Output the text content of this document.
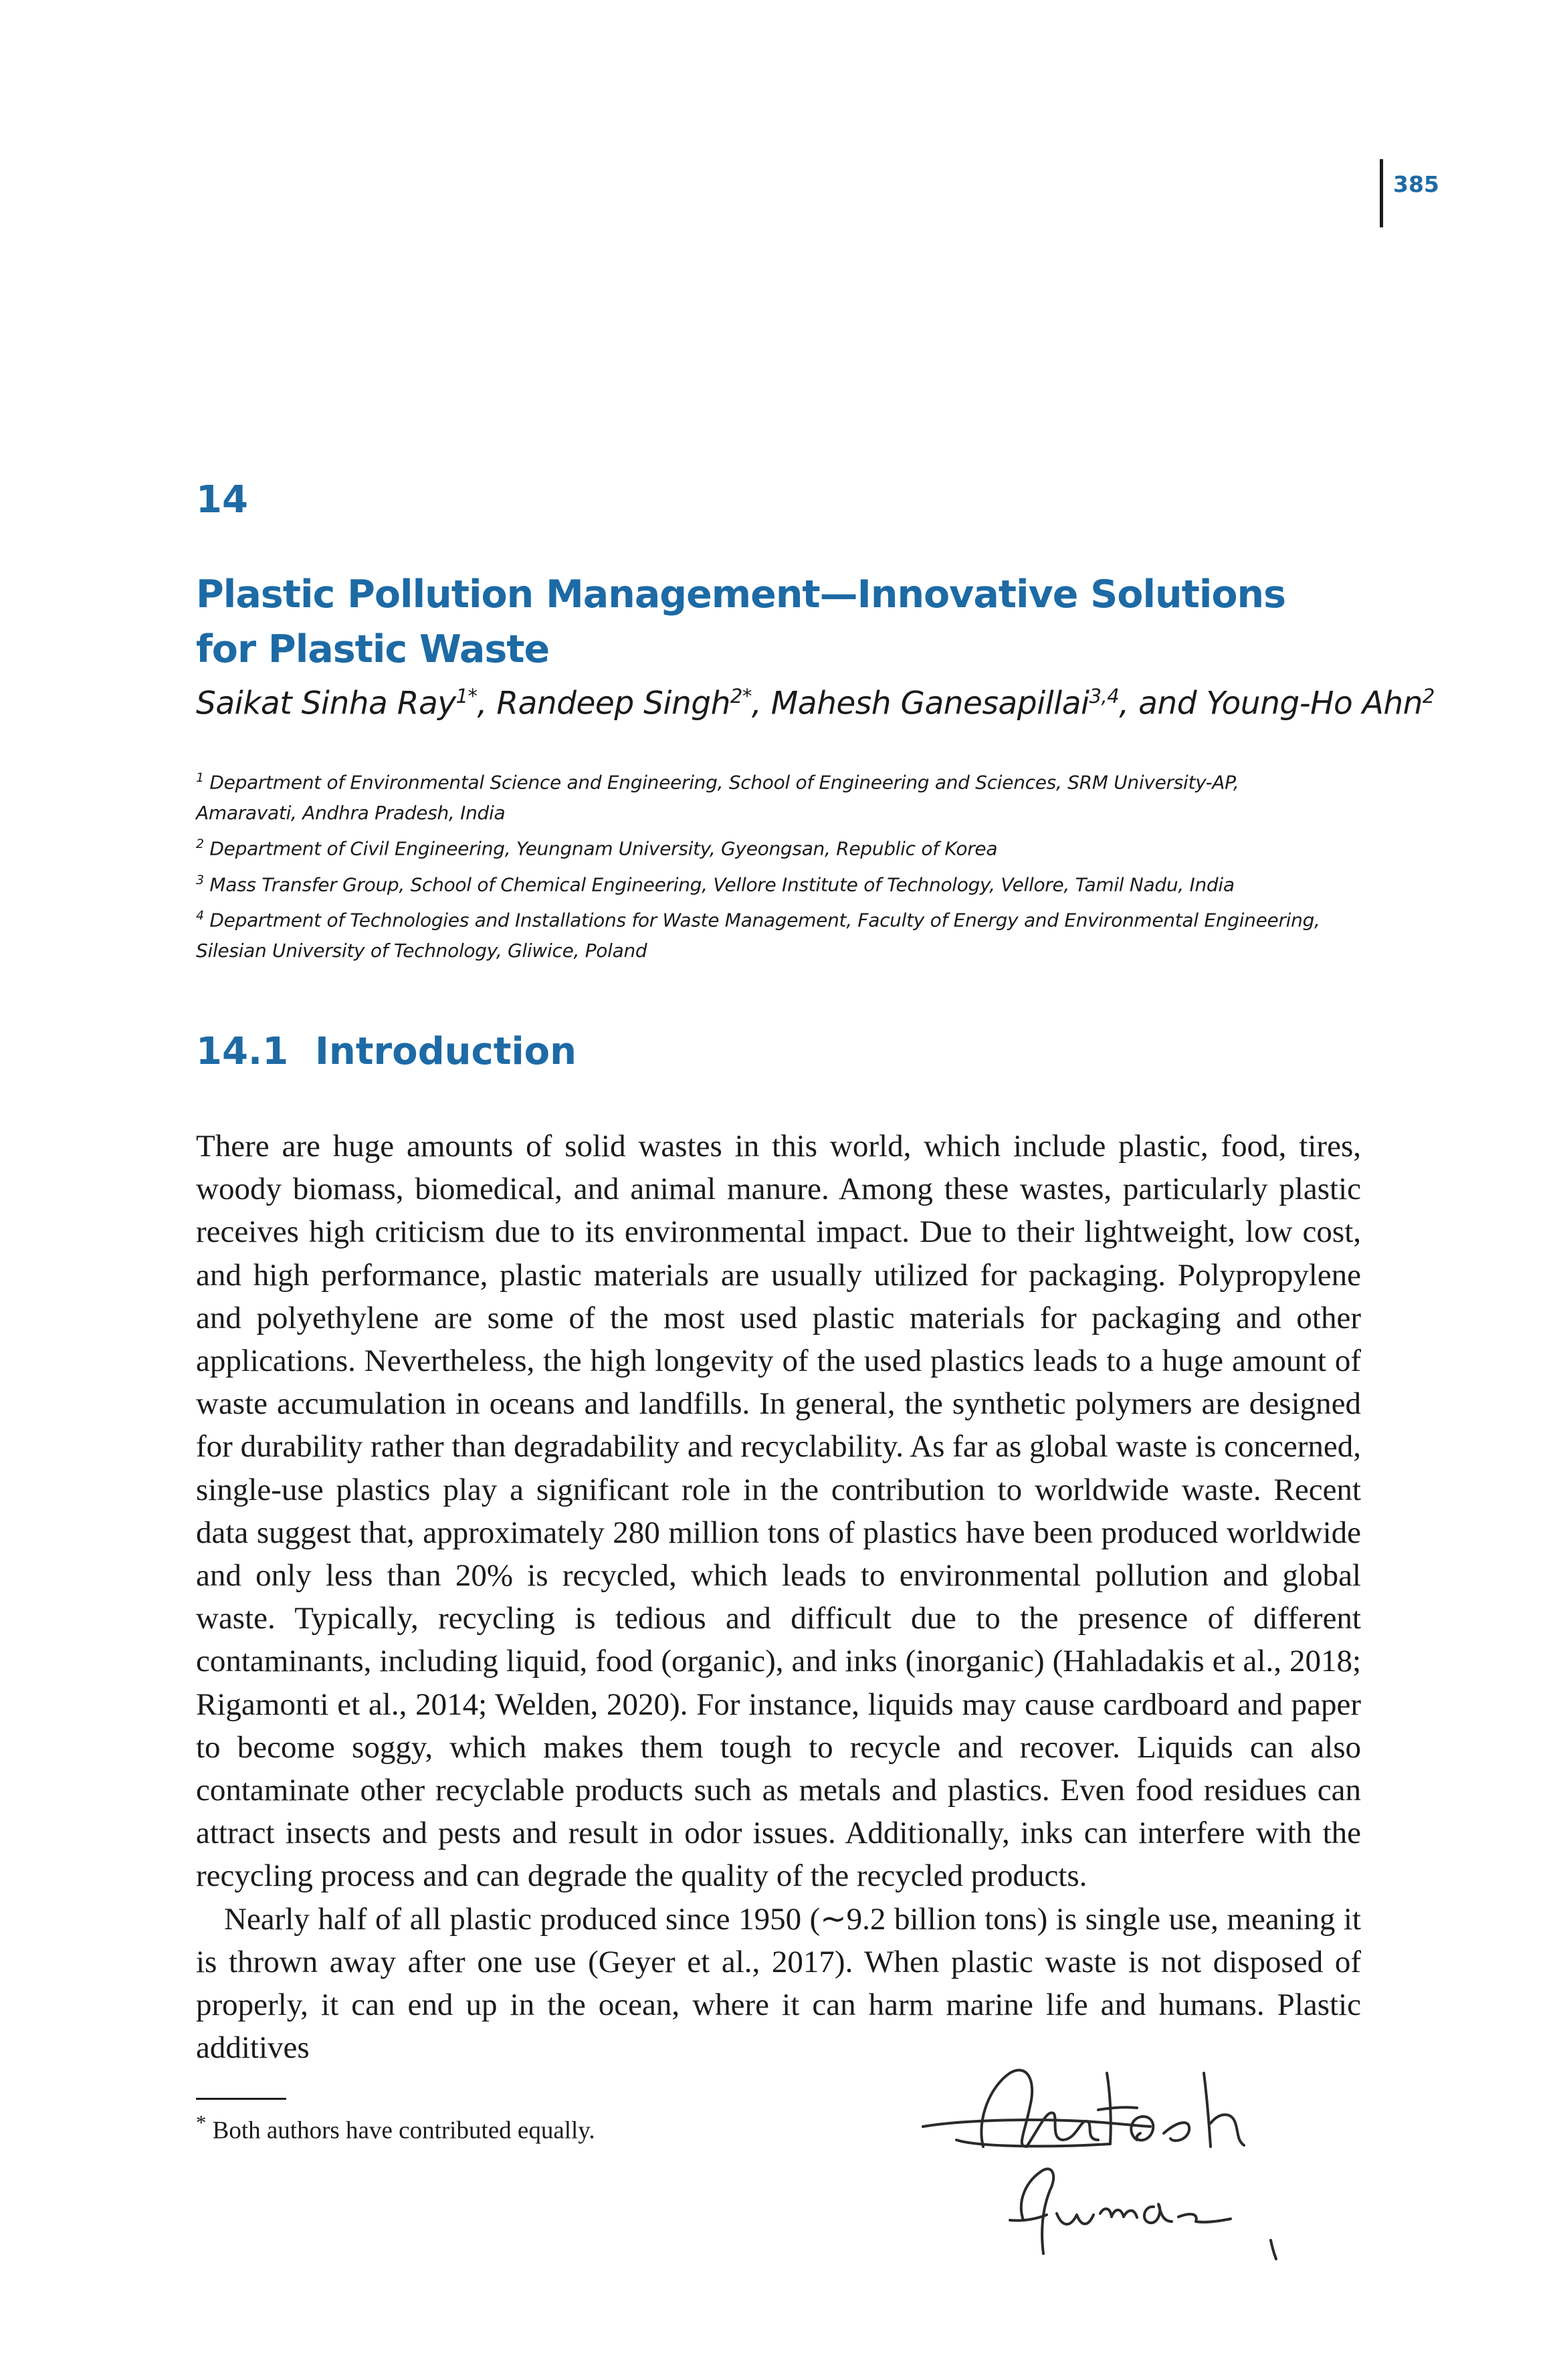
385
14
Plastic Pollution Management—Innovative Solutions
for Plastic Waste
Saikat Sinha Ray$^{1*}$, Randeep Singh$^{2*}$, Mahesh Ganesapillai$^{3,4}$, and Young-Ho Ahn$^2$

$^1$ Department of Environmental Science and Engineering, School of Engineering and Sciences, SRM University-AP,

Amaravati, Andhra Pradesh, India

$^2$ Department of Civil Engineering, Yeungnam University, Gyeongsan, Republic of Korea

$^3$ Mass Transfer Group, School of Chemical Engineering, Vellore Institute of Technology, Vellore, Tamil Nadu, India

$^4$ Department of Technologies and Installations for Waste Management, Faculty of Energy and Environmental Engineering,

Silesian University of Technology, Gliwice, Poland

14.1 Introduction

There are huge amounts of solid wastes in this world, which include plastic, food, tires, woody biomass, biomedical, and animal manure. Among these wastes, particularly plastic receives high criticism due to its environmental impact. Due to their lightweight, low cost, and high performance, plastic materials are usually utilized for packaging. Polypropylene and polyethylene are some of the most used plastic materials for packaging and other applications. Nevertheless, the high longevity of the used plastics leads to a huge amount of waste accumulation in oceans and landfills. In general, the synthetic polymers are designed for durability rather than degradability and recyclability. As far as global waste is concerned, single-use plastics play a significant role in the contribution to worldwide waste. Recent data suggest that, approximately 280 million tons of plastics have been produced worldwide and only less than 20% is recycled, which leads to environmental pollution and global waste. Typically, recycling is tedious and difficult due to the presence of different contaminants, including liquid, food (organic), and inks (inorganic) (Hahladakis et al., 2018; Rigamonti et al., 2014; Welden, 2020). For instance, liquids may cause cardboard and paper to become soggy, which makes them tough to recycle and recover. Liquids can also contaminate other recyclable products such as metals and plastics. Even food residues can attract insects and pests and result in odor issues. Additionally, inks can interfere with the recycling process and can degrade the quality of the recycled products.

Nearly half of all plastic produced since 1950 (∼9.2 billion tons) is single use, meaning it is thrown away after one use (Geyer et al., 2017). When plastic waste is not disposed of properly, it can end up in the ocean, where it can harm marine life and humans. Plastic additives

* Both authors have contributed equally.
Santosh
